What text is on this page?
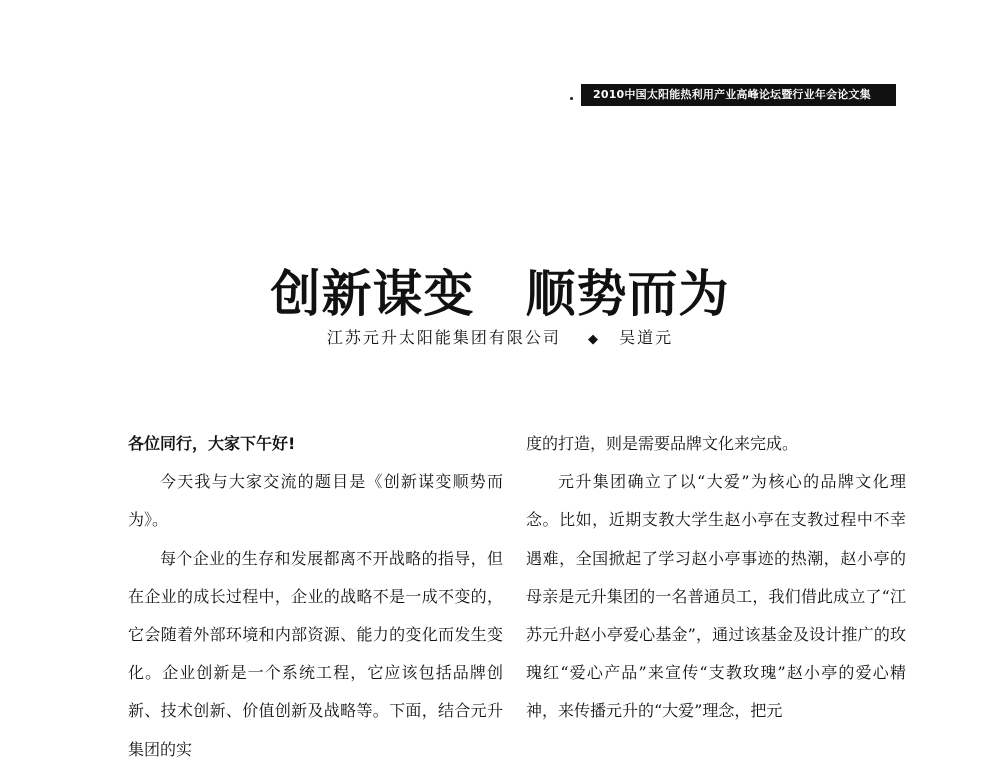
2010中国太阳能热利用产业高峰论坛暨行业年会论文集
创新谋变　顺势而为
江苏元升太阳能集团有限公司 ◆ 吴道元

各位同行，大家下午好!

今天我与大家交流的题目是《创新谋变顺势而为》。

每个企业的生存和发展都离不开战略的指导，但在企业的成长过程中，企业的战略不是一成不变的，它会随着外部环境和内部资源、能力的变化而发生变化。企业创新是一个系统工程，它应该包括品牌创新、技术创新、价值创新及战略等。下面，结合元升集团的实

度的打造，则是需要品牌文化来完成。

元升集团确立了以“大爱”为核心的品牌文化理念。比如，近期支教大学生赵小亭在支教过程中不幸遇难，全国掀起了学习赵小亭事迹的热潮，赵小亭的母亲是元升集团的一名普通员工，我们借此成立了“江苏元升赵小亭爱心基金”，通过该基金及设计推广的玫瑰红“爱心产品”来宣传“支教玫瑰”赵小亭的爱心精神，来传播元升的“大爱”理念，把元
